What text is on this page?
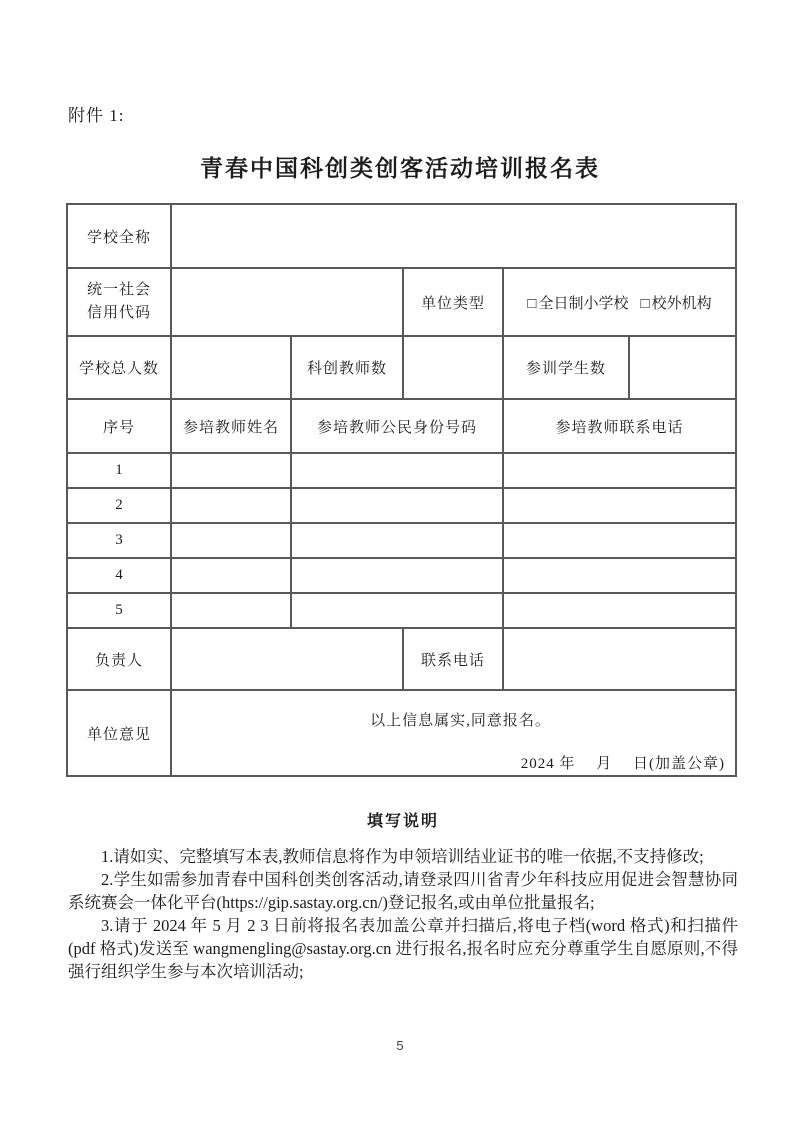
附件 1:
青春中国科创类创客活动培训报名表
学校全称					

统一社会
信用代码			单位类型	□ 全日制小学校 □ 校外机构	
学校总人数		科创教师数		参训学生数	
序号	参培教师姓名	参培教师公民身份号码		参培教师联系电话	
1					
2					
3					
4					
5					
负责人			联系电话		
单位意见	以上信息属实,同意报名。
2024 年　 月　 日(加盖公章)				
填写说明

1.请如实、完整填写本表,教师信息将作为申领培训结业证书的唯一依据,不支持修改;

2.学生如需参加青春中国科创类创客活动,请登录四川省青少年科技应用促进会智慧协同系统赛会一体化平台(https://gip.sastay.org.cn/)登记报名,或由单位批量报名;

3.请于 2024 年 5 月 2 3 日前将报名表加盖公章并扫描后,将电子档(word 格式)和扫描件(pdf 格式)发送至 wangmengling@sastay.org.cn 进行报名,报名时应充分尊重学生自愿原则,不得强行组织学生参与本次培训活动;

5
